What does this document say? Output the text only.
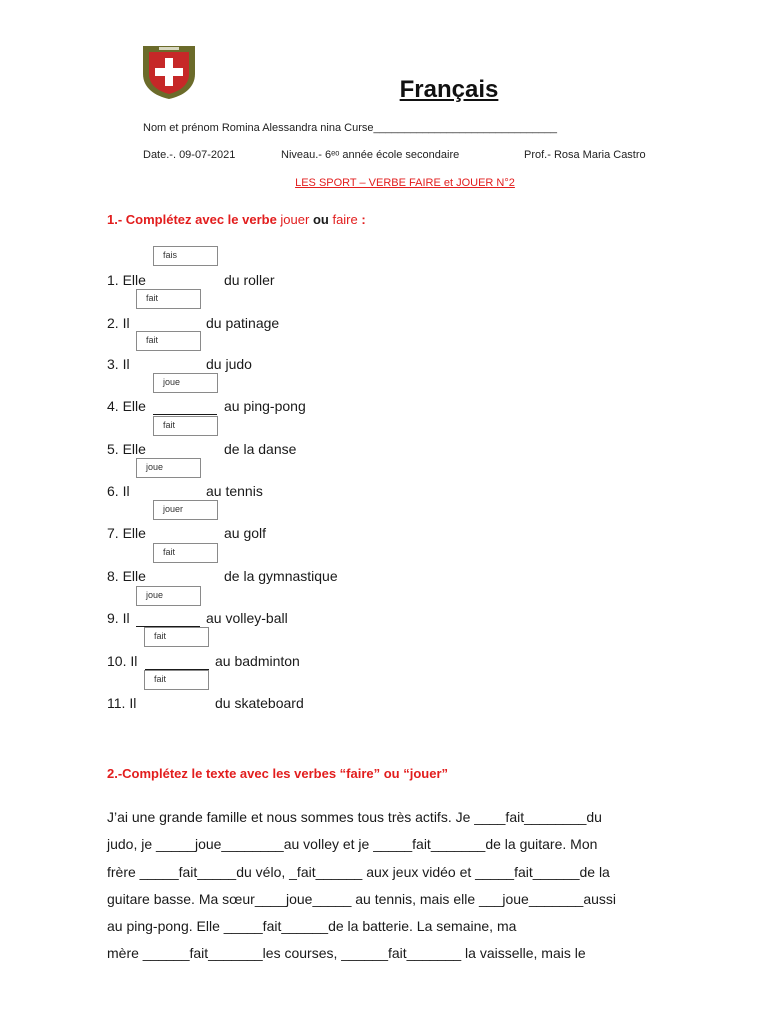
Français
Nom et prénom Romina Alessandra nina Curse______________________________
Date.-. 09-07-2021	Niveau.- 6ᵉᵒ année école secondaire	Prof.- Rosa Maria Castro
LES SPORT – VERBE FAIRE et JOUER N°2
1.- Complétez avec le verbe jouer ou faire :
fais
1. Elle	du roller
fait
2. Il	du patinage
fait
3. Il	du judo
joue
4. Elle	au ping-pong
fait
5. Elle	de la danse
joue
6. Il	au tennis
jouer
7. Elle	au golf
fait
8. Elle	de la gymnastique
joue
9. Il	au volley-ball
fait
10. Il	au badminton
fait
11. Il	du skateboard
2.-Complétez le texte avec les verbes “faire” ou “jouer”

J’ai une grande famille et nous sommes tous très actifs. Je ____fait________du

judo, je _____joue________au volley et je _____fait_______de la guitare. Mon

frère _____fait_____du vélo, _fait______ aux jeux vidéo et _____fait______de la

guitare basse. Ma sœur____joue_____ au tennis, mais elle ___joue_______aussi

au ping-pong. Elle _____fait______de la batterie. La semaine, ma

mère ______fait_______les courses, ______fait_______ la vaisselle, mais le
